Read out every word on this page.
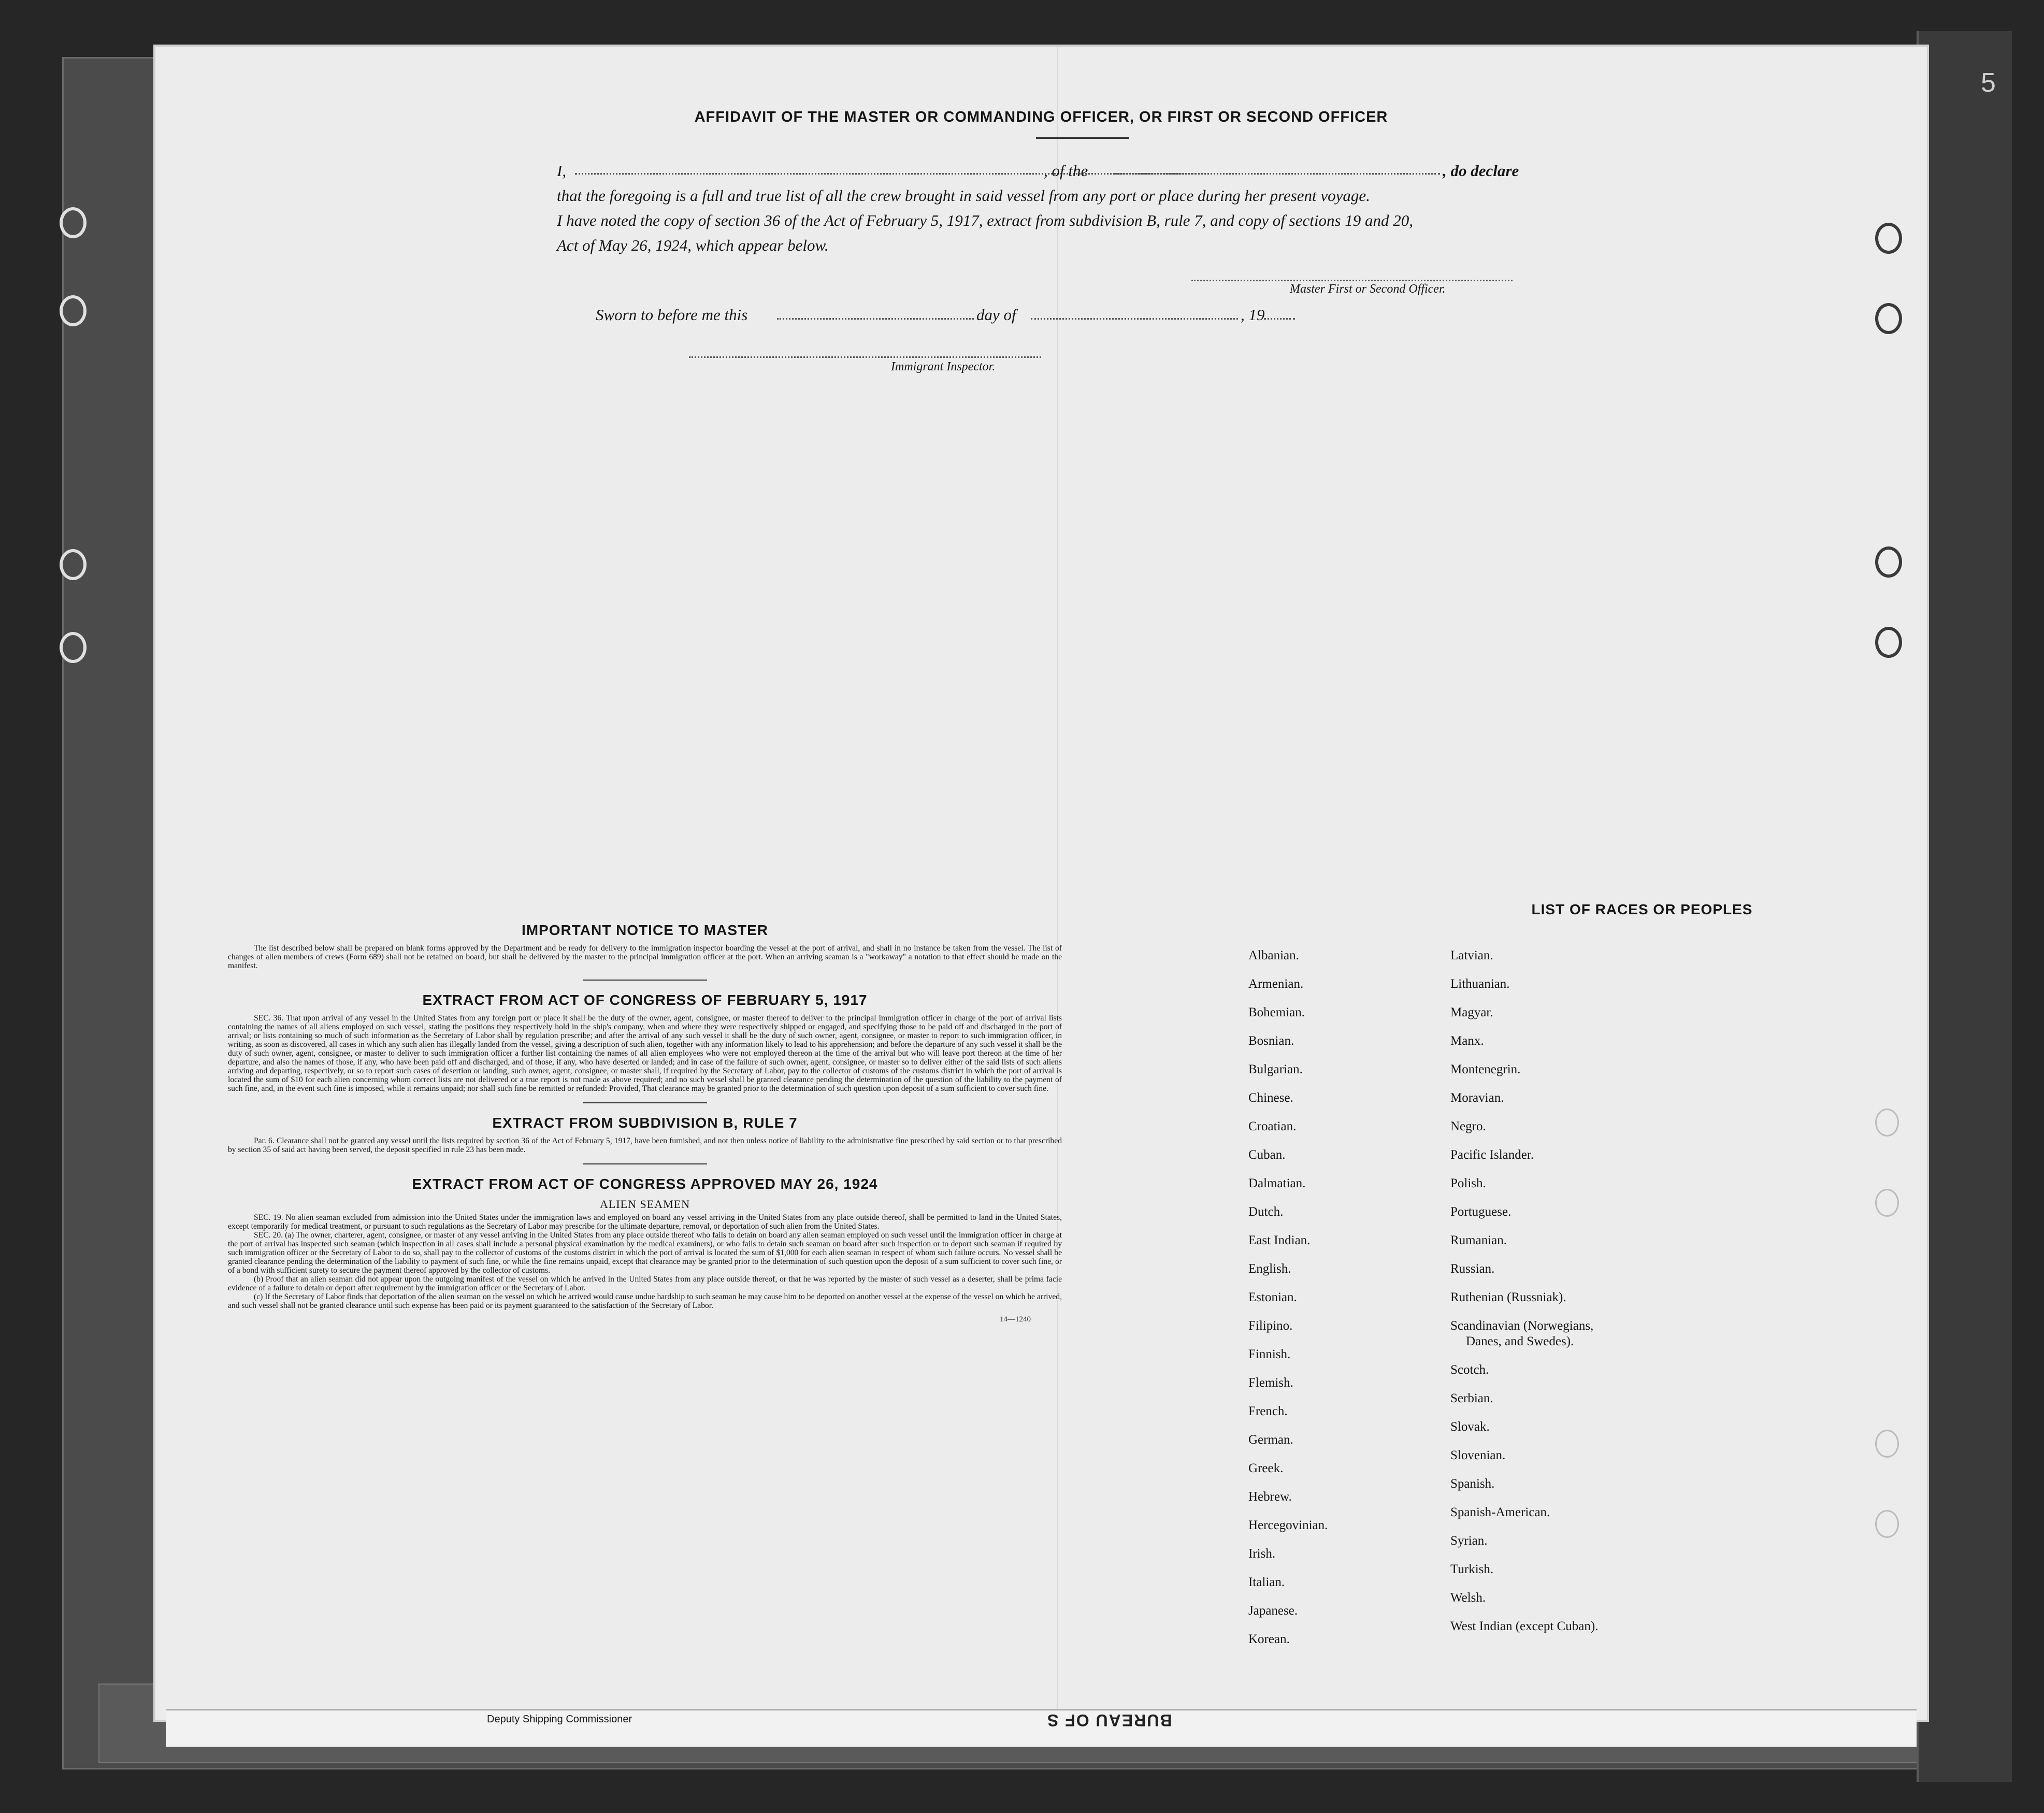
5
AFFIDAVIT OF THE MASTER OR COMMANDING OFFICER, OR FIRST OR SECOND OFFICER
I,	, of the	, do declare
that the foregoing is a full and true list of all the crew brought in said vessel from any port or place during her present voyage.
I have noted the copy of section 36 of the Act of February 5, 1917, extract from subdivision B, rule 7, and copy of sections 19 and 20,
Act of May 26, 1924, which appear below.
Master First or Second Officer.
Sworn to before me this	day of	, 19
Immigrant Inspector.
IMPORTANT NOTICE TO MASTER

The list described below shall be prepared on blank forms approved by the Department and be ready for delivery to the immigration inspector boarding the vessel at the port of arrival, and shall in no instance be taken from the vessel. The list of changes of alien members of crews (Form 689) shall not be retained on board, but shall be delivered by the master to the principal immigration officer at the port. When an arriving seaman is a "workaway" a notation to that effect should be made on the manifest.

EXTRACT FROM ACT OF CONGRESS OF FEBRUARY 5, 1917

SEC. 36. That upon arrival of any vessel in the United States from any foreign port or place it shall be the duty of the owner, agent, consignee, or master thereof to deliver to the principal immigration officer in charge of the port of arrival lists containing the names of all aliens employed on such vessel, stating the positions they respectively hold in the ship's company, when and where they were respectively shipped or engaged, and specifying those to be paid off and discharged in the port of arrival; or lists containing so much of such information as the Secretary of Labor shall by regulation prescribe; and after the arrival of any such vessel it shall be the duty of such owner, agent, consignee, or master to report to such immigration officer, in writing, as soon as discovered, all cases in which any such alien has illegally landed from the vessel, giving a description of such alien, together with any information likely to lead to his apprehension; and before the departure of any such vessel it shall be the duty of such owner, agent, consignee, or master to deliver to such immigration officer a further list containing the names of all alien employees who were not employed thereon at the time of the arrival but who will leave port thereon at the time of her departure, and also the names of those, if any, who have been paid off and discharged, and of those, if any, who have deserted or landed; and in case of the failure of such owner, agent, consignee, or master so to deliver either of the said lists of such aliens arriving and departing, respectively, or so to report such cases of desertion or landing, such owner, agent, consignee, or master shall, if required by the Secretary of Labor, pay to the collector of customs of the customs district in which the port of arrival is located the sum of $10 for each alien concerning whom correct lists are not delivered or a true report is not made as above required; and no such vessel shall be granted clearance pending the determination of the question of the liability to the payment of such fine, and, in the event such fine is imposed, while it remains unpaid; nor shall such fine be remitted or refunded: Provided, That clearance may be granted prior to the determination of such question upon deposit of a sum sufficient to cover such fine.

EXTRACT FROM SUBDIVISION B, RULE 7

Par. 6. Clearance shall not be granted any vessel until the lists required by section 36 of the Act of February 5, 1917, have been furnished, and not then unless notice of liability to the administrative fine prescribed by said section or to that prescribed by section 35 of said act having been served, the deposit specified in rule 23 has been made.

EXTRACT FROM ACT OF CONGRESS APPROVED MAY 26, 1924
ALIEN SEAMEN

SEC. 19. No alien seaman excluded from admission into the United States under the immigration laws and employed on board any vessel arriving in the United States from any place outside thereof, shall be permitted to land in the United States, except temporarily for medical treatment, or pursuant to such regulations as the Secretary of Labor may prescribe for the ultimate departure, removal, or deportation of such alien from the United States.

SEC. 20. (a) The owner, charterer, agent, consignee, or master of any vessel arriving in the United States from any place outside thereof who fails to detain on board any alien seaman employed on such vessel until the immigration officer in charge at the port of arrival has inspected such seaman (which inspection in all cases shall include a personal physical examination by the medical examiners), or who fails to detain such seaman on board after such inspection or to deport such seaman if required by such immigration officer or the Secretary of Labor to do so, shall pay to the collector of customs of the customs district in which the port of arrival is located the sum of $1,000 for each alien seaman in respect of whom such failure occurs. No vessel shall be granted clearance pending the determination of the liability to payment of such fine, or while the fine remains unpaid, except that clearance may be granted prior to the determination of such question upon the deposit of a sum sufficient to cover such fine, or of a bond with sufficient surety to secure the payment thereof approved by the collector of customs.

(b) Proof that an alien seaman did not appear upon the outgoing manifest of the vessel on which he arrived in the United States from any place outside thereof, or that he was reported by the master of such vessel as a deserter, shall be prima facie evidence of a failure to detain or deport after requirement by the immigration officer or the Secretary of Labor.

(c) If the Secretary of Labor finds that deportation of the alien seaman on the vessel on which he arrived would cause undue hardship to such seaman he may cause him to be deported on another vessel at the expense of the vessel on which he arrived, and such vessel shall not be granted clearance until such expense has been paid or its payment guaranteed to the satisfaction of the Secretary of Labor.

14—1240
LIST OF RACES OR PEOPLES
Deputy Shipping Commissioner	BUREAU OF S
Albanian.
Armenian.
Bohemian.
Bosnian.
Bulgarian.
Chinese.
Croatian.
Cuban.
Dalmatian.
Dutch.
East Indian.
English.
Estonian.
Filipino.
Finnish.
Flemish.
French.
German.
Greek.
Hebrew.
Hercegovinian.
Irish.
Italian.
Japanese.
Korean.
Latvian.
Lithuanian.
Magyar.
Manx.
Montenegrin.
Moravian.
Negro.
Pacific Islander.
Polish.
Portuguese.
Rumanian.
Russian.
Ruthenian (Russniak).
Scandinavian (Norwegians,
Danes, and Swedes).
Scotch.
Serbian.
Slovak.
Slovenian.
Spanish.
Spanish-American.
Syrian.
Turkish.
Welsh.
West Indian (except Cuban).
